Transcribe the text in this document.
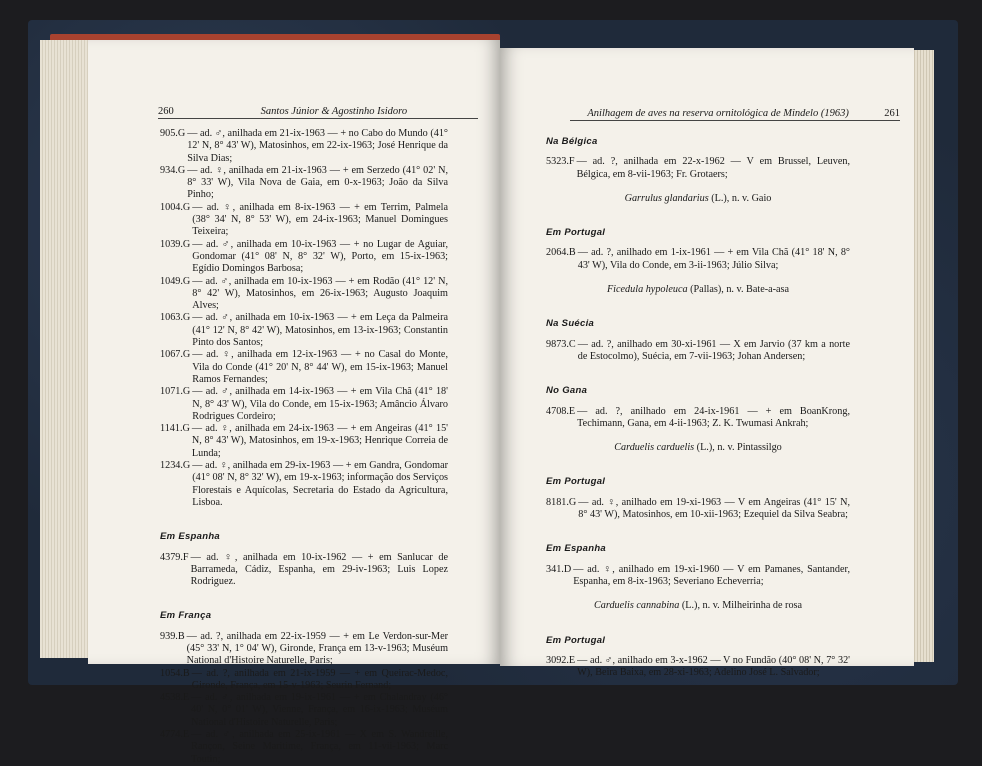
260	Santos Júnior & Agostinho Isidoro
905.G — ad. ♂, anilhada em 21-ix-1963 — + no Cabo do Mundo (41° 12' N, 8° 43' W), Matosinhos, em 22-ix-1963; José Henrique da Silva Dias;
934.G — ad. ♀, anilhada em 21-ix-1963 — + em Serzedo (41° 02' N, 8° 33' W), Vila Nova de Gaia, em 0-x-1963; João da Silva Pinho;
1004.G — ad. ♀, anilhada em 8-ix-1963 — + em Terrim, Palmela (38° 34' N, 8° 53' W), em 24-ix-1963; Manuel Domingues Teixeira;
1039.G — ad. ♂, anilhada em 10-ix-1963 — + no Lugar de Aguiar, Gondomar (41° 08' N, 8° 32' W), Porto, em 15-ix-1963; Egídio Domingos Barbosa;
1049.G — ad. ♂, anilhada em 10-ix-1963 — + em Rodão (41° 12' N, 8° 42' W), Matosinhos, em 26-ix-1963; Augusto Joaquim Alves;
1063.G — ad. ♂, anilhada em 10-ix-1963 — + em Leça da Palmeira (41° 12' N, 8° 42' W), Matosinhos, em 13-ix-1963; Constantin Pinto dos Santos;
1067.G — ad. ♀, anilhada em 12-ix-1963 — + no Casal do Monte, Vila do Conde (41° 20' N, 8° 44' W), em 15-ix-1963; Manuel Ramos Fernandes;
1071.G — ad. ♂, anilhada em 14-ix-1963 — + em Vila Chã (41° 18' N, 8° 43' W), Vila do Conde, em 15-ix-1963; Amâncio Álvaro Rodrigues Cordeiro;
1141.G — ad. ♀, anilhada em 24-ix-1963 — + em Angeiras (41° 15' N, 8° 43' W), Matosinhos, em 19-x-1963; Henrique Correia de Lunda;
1234.G — ad. ♀, anilhada em 29-ix-1963 — + em Gandra, Gondomar (41° 08' N, 8° 32' W), em 19-x-1963; informação dos Serviços Florestais e Aquícolas, Secretaria do Estado da Agricultura, Lisboa.
Em Espanha
4379.F — ad. ♀, anilhada em 10-ix-1962 — + em Sanlucar de Barrameda, Cádiz, Espanha, em 29-iv-1963; Luis Lopez Rodriguez.
Em França
939.B — ad. ?, anilhada em 22-ix-1959 — + em Le Verdon-sur-Mer (45° 33' N, 1° 04' W), Gironde, França em 13-v-1963; Muséum National d'Histoire Naturelle, Paris;
1054.B — ad. ?, anilhada em 21-ix-1959 — + em Queirac-Medoc, Gironde, França, em 15-v-1963; Seurin Fernand;
4538.E — ad. ♂, anilhada em 19-ix-1961 — + em Chalandray (46° 40' N, 0° 01' W), Vienne, França, em 16-ix-1963; Muséum National d'Histoire Naturelle, Paris;
4774.E — ad. ♂, anilhada em 25-ix-1961 — X em S. Wandreille, Rançon, Seine Maritime, França, em 11-vii-1963; Marc Toutin;
Anilhagem de aves na reserva ornitológica de Mindelo (1963)	261
Na Bélgica
5323.F — ad. ?, anilhada em 22-x-1962 — V em Brussel, Leuven, Bélgica, em 8-vii-1963; Fr. Grotaers;
Garrulus glandarius (L.), n. v. Gaio
Em Portugal
2064.B — ad. ?, anilhado em 1-ix-1961 — + em Vila Chã (41° 18' N, 8° 43' W), Vila do Conde, em 3-ii-1963; Júlio Silva;
Ficedula hypoleuca (Pallas), n. v. Bate-a-asa
Na Suécia
9873.C — ad. ?, anilhado em 30-xi-1961 — X em Jarvio (37 km a norte de Estocolmo), Suécia, em 7-vii-1963; Johan Andersen;
No Gana
4708.E — ad. ?, anilhado em 24-ix-1961 — + em BoanKrong, Techimann, Gana, em 4-ii-1963; Z. K. Twumasi Ankrah;
Carduelis carduelis (L.), n. v. Pintassilgo
Em Portugal
8181.G — ad. ♀, anilhado em 19-xi-1963 — V em Angeiras (41° 15' N, 8° 43' W), Matosinhos, em 10-xii-1963; Ezequiel da Silva Seabra;
Em Espanha
341.D — ad. ♀, anilhado em 19-xi-1960 — V em Pamanes, Santander, Espanha, em 8-ix-1963; Severiano Echeverria;
Carduelis cannabina (L.), n. v. Milheirinha de rosa
Em Portugal
3092.E — ad. ♂, anilhado em 3-x-1962 — V no Fundão (40° 08' N, 7° 32' W), Beira Baixa, em 28-xi-1963; Adelino José L. Salvador;
